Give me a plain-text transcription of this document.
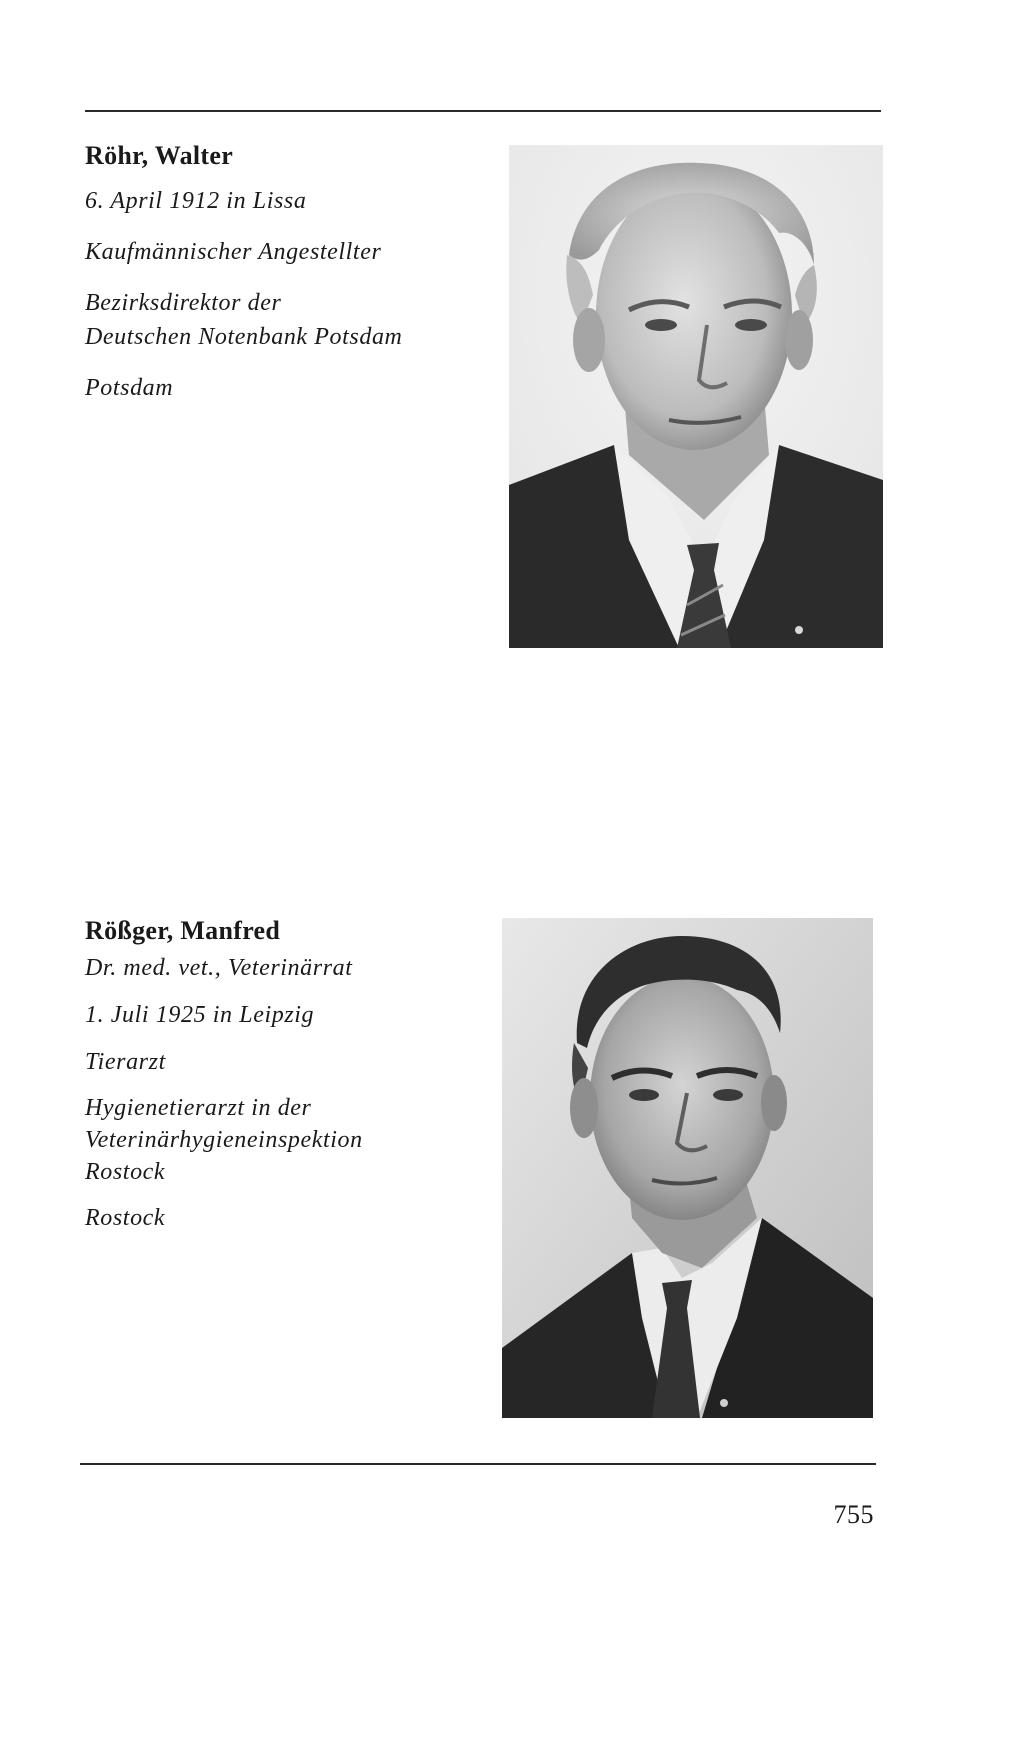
Röhr, Walter
6. April 1912 in Lissa
Kaufmännischer Angestellter
Bezirksdirektor der
Deutschen Notenbank Potsdam
Potsdam
Rößger, Manfred
Dr. med. vet., Veterinärrat
1. Juli 1925 in Leipzig
Tierarzt
Hygienetierarzt in der
Veterinärhygieneinspektion
Rostock
Rostock
755
